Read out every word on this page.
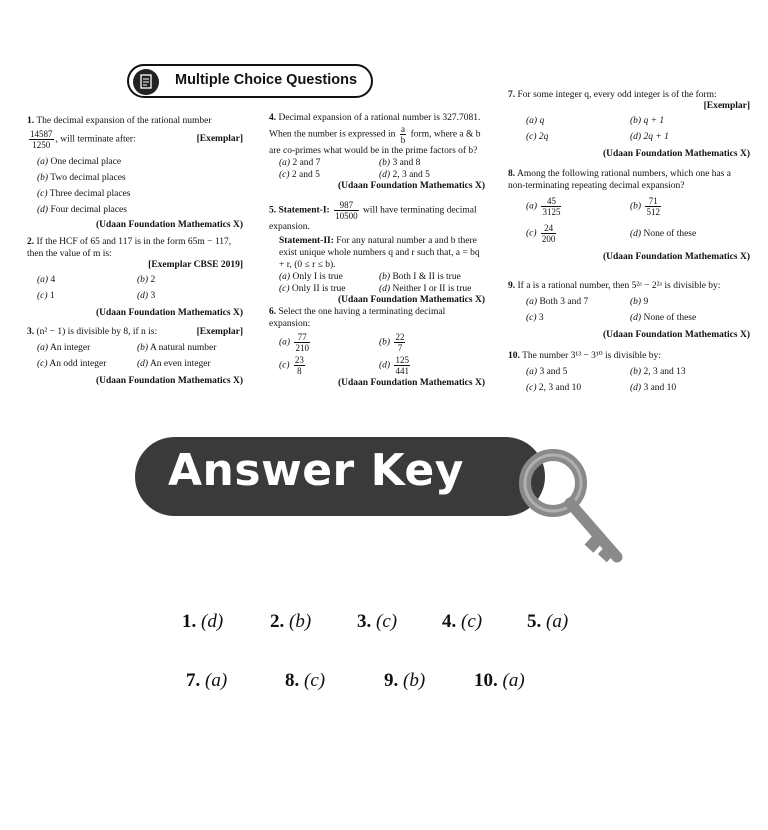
Multiple Choice Questions
1. The decimal expansion of the rational number
$\frac{14587}{1250}$ , will terminate after:	[Exemplar]
(a) One decimal place
(b) Two decimal places
(c) Three decimal places
(d) Four decimal places
(Udaan Foundation Mathematics X)
2. If the HCF of 65 and 117 is in the form 65m − 117, then the value of m is:
[Exemplar CBSE 2019]
(a) 4	(b) 2
(c) 1	(d) 3
(Udaan Foundation Mathematics X)
3. (n² − 1) is divisible by 8, if n is:	[Exemplar]
(a) An integer	(b) A natural number
(c) An odd integer	(d) An even integer
(Udaan Foundation Mathematics X)
4. Decimal expansion of a rational number is 327.7081. When the number is expressed in $\frac{a}{b}$ form, where a & b are co-primes what would be in the prime factors of b?
(a) 2 and 7	(b) 3 and 8
(c) 2 and 5	(d) 2, 3 and 5
(Udaan Foundation Mathematics X)
5. Statement-I: $\frac{987}{10500}$ will have terminating decimal expansion.
Statement-II: For any natural number a and b there exist unique whole numbers q and r such that, a = bq + r, (0 ≤ r ≤ b).
(a) Only I is true	(b) Both I & II is true
(c) Only II is true	(d) Neither I or II is true
(Udaan Foundation Mathematics X)
6. Select the one having a terminating decimal expansion:
$(a) \frac{77}{210}$	$(b) \frac{22}{7}$
$(c) \frac{23}{8}$	$(d) \frac{125}{441}$
(Udaan Foundation Mathematics X)
7. For some integer q, every odd integer is of the form:
[Exemplar]
(a) q	(b) q + 1
(c) 2q	(d) 2q + 1
(Udaan Foundation Mathematics X)
8. Among the following rational numbers, which one has a non-terminating repeating decimal expansion?
$(a) \frac{45}{3125}$	$(b) \frac{71}{512}$
$(c) \frac{24}{200}$	(d) None of these
(Udaan Foundation Mathematics X)
9. If a is a rational number, then 5²ᵃ − 2²ᵃ is divisible by:
(a) Both 3 and 7	(b) 9
(c) 3	(d) None of these
(Udaan Foundation Mathematics X)
10. The number 3¹³ − 3¹⁰ is divisible by:
(a) 3 and 5	(b) 2, 3 and 13
(c) 2, 3 and 10	(d) 3 and 10
Answer Key
1. (d) 2. (b) 3. (c) 4. (c) 5. (a)
7. (a)	8. (c)	9. (b)	10. (a)
